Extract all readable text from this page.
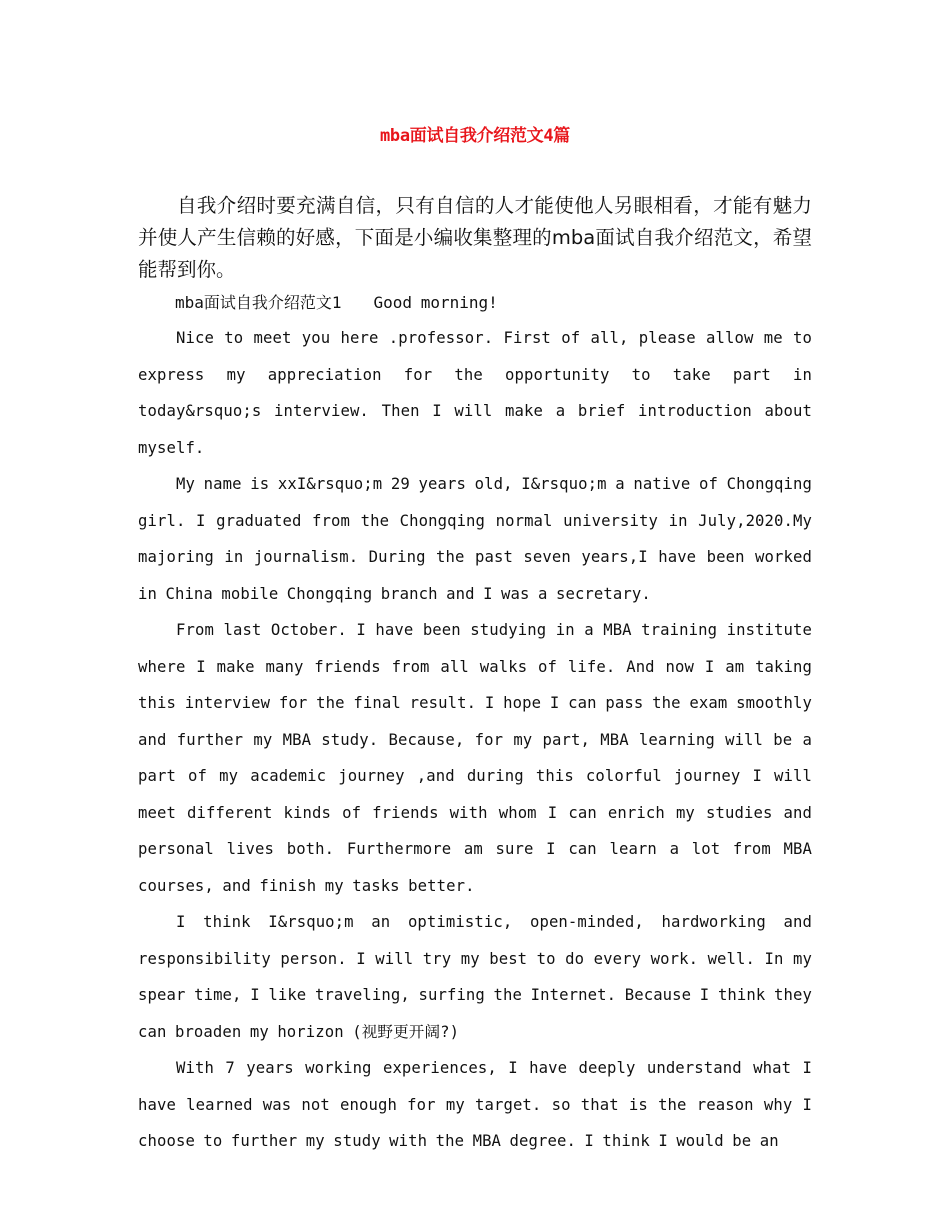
mba面试自我介绍范文4篇

自我介绍时要充满自信，只有自信的人才能使他人另眼相看，才能有魅力并使人产生信赖的好感，下面是小编收集整理的mba面试自我介绍范文，希望能帮到你。

mba面试自我介绍范文1　　Good morning!

Nice to meet you here .professor. First of all, please allow me to express my appreciation for the opportunity to take part in today&rsquo;s interview. Then I will make a brief introduction about myself.

My name is xxI&rsquo;m 29 years old, I&rsquo;m a native of Chongqing girl. I graduated from the Chongqing normal university in July,2020.My majoring in journalism. During the past seven years,I have been worked in China mobile Chongqing branch and I was a secretary.

From last October. I have been studying in a MBA training institute where I make many friends from all walks of life. And now I am taking this interview for the final result. I hope I can pass the exam smoothly and further my MBA study. Because, for my part, MBA learning will be a part of my academic journey ,and during this colorful journey I will meet different kinds of friends with whom I can enrich my studies and personal lives both. Furthermore am sure I can learn a lot from MBA courses, and finish my tasks better.

I think I&rsquo;m an optimistic, open-minded, hardworking and responsibility person. I will try my best to do every work. well. In my spear time, I like traveling, surfing the Internet. Because I think they can broaden my horizon (视野更开阔?)

With 7 years working experiences, I have deeply understand what I have learned was not enough for my target. so that is the reason why I choose to further my study with the MBA degree. I think I would be an
